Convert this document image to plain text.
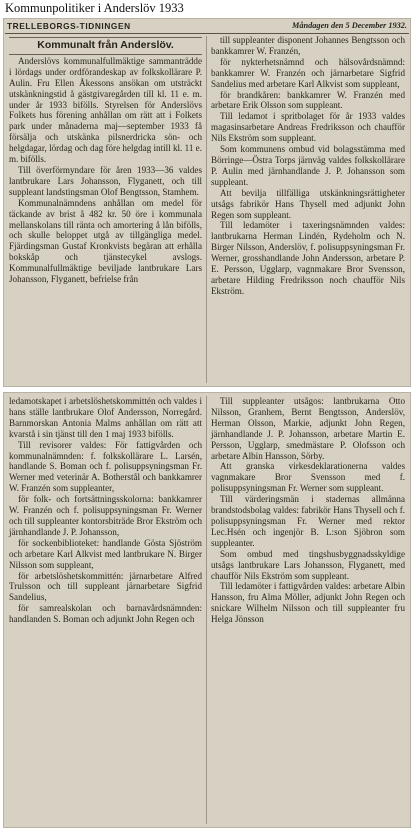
Kommunpolitiker i Anderslöv 1933
TRELLEBORGS-TIDNINGEN	Måndagen den 5 December 1932.

Kommunalt från Anderslöv.

Anderslövs kommunalfullmäktige sammanträdde i lördags under ordförandeskap av folkskollärare P. Aulin. Fru Ellen Åkessons ansökan om utsträckt utskänkningstid å gästgivaregården till kl. 11 e. m. under år 1933 bifölls. Styrelsen för Anderslövs Folkets hus förening anhållan om rätt att i Folkets park under månaderna maj—september 1933 få försälja och utskänka pilsnerdricka sön- och helgdagar, lördag och dag före helgdag intill kl. 11 e. m. bifölls.

Till överförmyndare för åren 1933—36 valdes lantbrukare Lars Johansson, Flyganett, och till suppleant landstingsman Olof Bengtsson, Stamhem.

Kommunalnämndens anhållan om medel för täckande av brist å 482 kr. 50 öre i kommunala mellanskolans till ränta och amortering å lån bifölls, och skulle beloppet utgå av tillgängliga medel. Fjärdingsman Gustaf Kronkvists begäran att erhålla bokskåp och tjänstecykel avslogs. Kommunalfullmäktige beviljade lantbrukare Lars Johansson, Flyganett, befrielse från

till suppleanter disponent Johannes Bengtsson och bankkamrer W. Franzén,

för nykterhetsnämnd och hälsovårdsnämnd: bankkamrer W. Franzén och järnarbetare Sigfrid Sandelius med arbetare Karl Alkvist som suppleant,

för brandkåren: bankkamrer W. Franzén med arbetare Erik Olsson som suppleant.

Till ledamot i spritbolaget för år 1933 valdes magasinsarbetare Andreas Fredriksson och chaufför Nils Ekström som suppleant.

Som kommunens ombud vid bolagsstämma med Börringe—Östra Torps järnväg valdes folkskollärare P. Aulin med järnhandlande J. P. Johansson som suppleant.

Att bevilja tillfälliga utskänkningsrättigheter utsågs fabrikör Hans Thysell med adjunkt John Regen som suppleant.

Till ledamöter i taxeringsnämnden valdes: lantbrukarna Herman Lindén, Rydeholm och N. Birger Nilsson, Anderslöv, f. polisuppsyningsman Fr. Werner, grosshandlande John Andersson, arbetare P. E. Persson, Ugglarp, vagnmakare Bror Svensson, arbetare Hilding Fredriksson noch chaufför Nils Ekström.

ledamotskapet i arbetslöshetskommittén och valdes i hans ställe lantbrukare Olof Andersson, Norregård. Barnmorskan Antonia Malms anhållan om rätt att kvarstå i sin tjänst till den 1 maj 1933 bifölls.

Till revisorer valdes: För fattigvården och kommunalnämnden: f. folkskollärare L. Larsén, handlande S. Boman och f. polisuppsyningsman Fr. Werner med veterinär A. Botherstål och bankkamrer W. Franzén som suppleanter,

för folk- och fortsättningsskolorna: bankkamrer W. Franzén och f. polisuppsyningsman Fr. Werner och till suppleanter kontorsbiträde Bror Ekström och järnhandlande J. P. Johansson,

för sockenbiblioteket: handlande Gösta Sjöström och arbetare Karl Alkvist med lantbrukare N. Birger Nilsson som suppleant,

för arbetslöshetskommittén: järnarbetare Alfred Trulsson och till suppleant järnarbetare Sigfrid Sandelius,

för samrealskolan och barnavårdsnämnden: handlanden S. Boman och adjunkt John Regen och

Till suppleanter utsågos: lantbrukarna Otto Nilsson, Granhem, Bernt Bengtsson, Anderslöv, Herman Olsson, Markie, adjunkt John Regen, järnhandlande J. P. Johansson, arbetare Martin E. Persson, Ugglarp, smedmästare P. Olofsson och arbetare Albin Hansson, Sörby.

Att granska virkesdeklarationerna valdes vagnmakare Bror Svensson med f. polisuppsyningsman Fr. Werner som suppleant.

Till värderingsmän i stadernas allmänna brandstodsbolag valdes: fabrikör Hans Thysell och f. polisuppsyningsman Fr. Werner med rektor Lec.Hsén och ingenjör B. L:son Sjöbron som suppleanter.

Som ombud med tingshusbyggnadsskyldige utsågs lantbrukare Lars Johansson, Flyganett, med chaufför Nils Ekström som suppleant.

Till ledamöter i fattigvården valdes: arbetare Albin Hansson, fru Alma Möller, adjunkt John Regen och snickare Wilhelm Nilsson och till suppleanter fru Helga Jönsson
